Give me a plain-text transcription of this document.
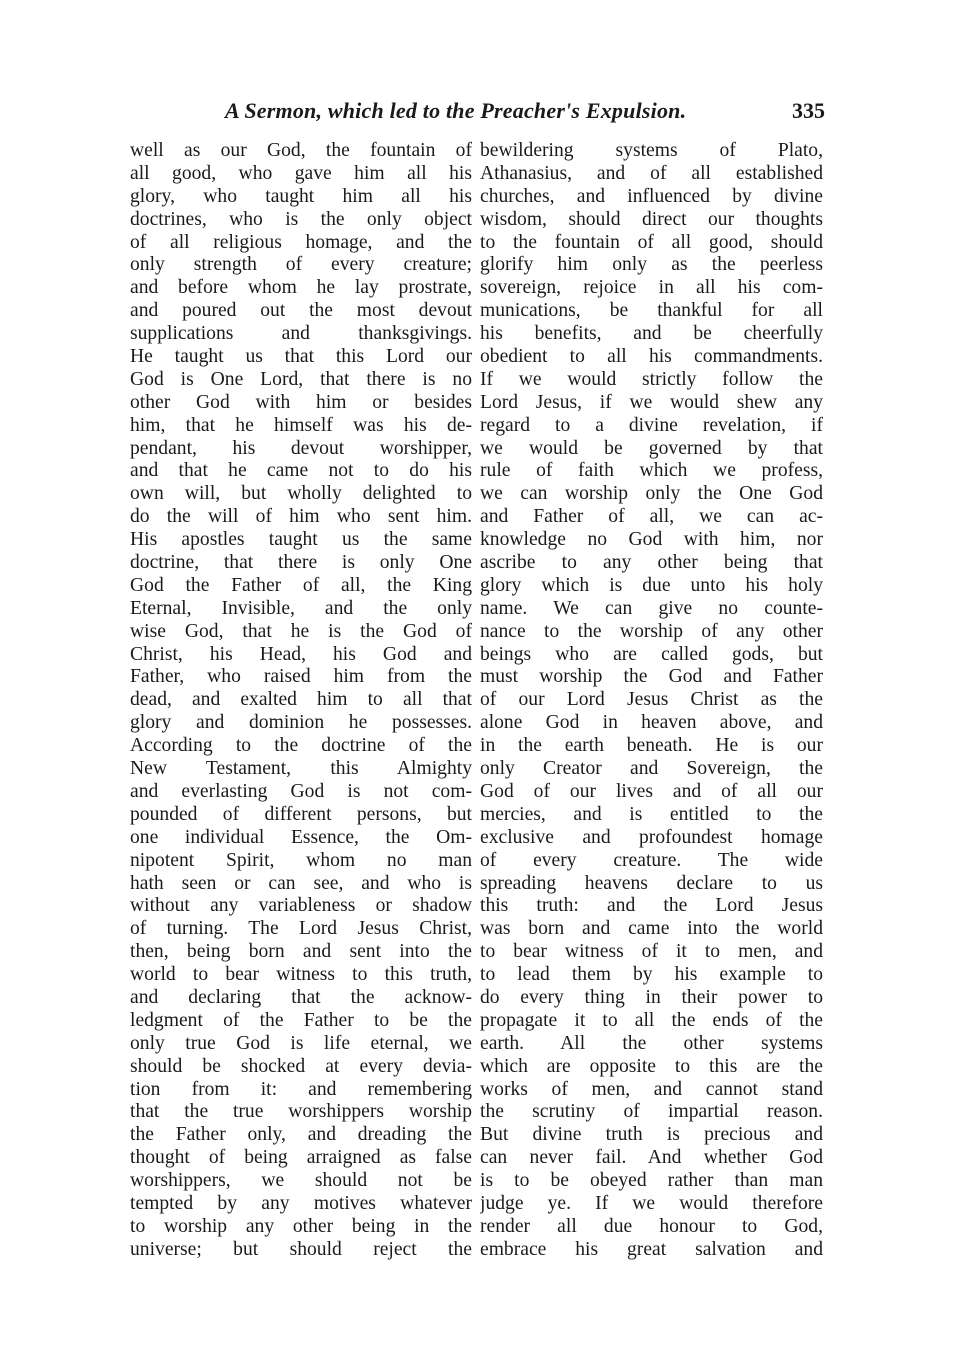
A Sermon, which led to the Preacher's Expulsion.	335
well as our God, the fountain of
all good, who gave him all his
glory, who taught him all his
doctrines, who is the only object
of all religious homage, and the
only strength of every creature;
and before whom he lay prostrate,
and poured out the most devout
supplications and thanksgivings.
He taught us that this Lord our
God is One Lord, that there is no
other God with him or besides
him, that he himself was his de-
pendant, his devout worshipper,
and that he came not to do his
own will, but wholly delighted to
do the will of him who sent him.
His apostles taught us the same
doctrine, that there is only One
God the Father of all, the King
Eternal, Invisible, and the only
wise God, that he is the God of
Christ, his Head, his God and
Father, who raised him from the
dead, and exalted him to all that
glory and dominion he possesses.
According to the doctrine of the
New Testament, this Almighty
and everlasting God is not com-
pounded of different persons, but
one individual Essence, the Om-
nipotent Spirit, whom no man
hath seen or can see, and who is
without any variableness or shadow
of turning. The Lord Jesus Christ,
then, being born and sent into the
world to bear witness to this truth,
and declaring that the acknow-
ledgment of the Father to be the
only true God is life eternal, we
should be shocked at every devia-
tion from it: and remembering
that the true worshippers worship
the Father only, and dreading the
thought of being arraigned as false
worshippers, we should not be
tempted by any motives whatever
to worship any other being in the
universe; but should reject the
bewildering systems of Plato,
Athanasius, and of all established
churches, and influenced by divine
wisdom, should direct our thoughts
to the fountain of all good, should
glorify him only as the peerless
sovereign, rejoice in all his com-
munications, be thankful for all
his benefits, and be cheerfully
obedient to all his commandments.
If we would strictly follow the
Lord Jesus, if we would shew any
regard to a divine revelation, if
we would be governed by that
rule of faith which we profess,
we can worship only the One God
and Father of all, we can ac-
knowledge no God with him, nor
ascribe to any other being that
glory which is due unto his holy
name. We can give no counte-
nance to the worship of any other
beings who are called gods, but
must worship the God and Father
of our Lord Jesus Christ as the
alone God in heaven above, and
in the earth beneath. He is our
only Creator and Sovereign, the
God of our lives and of all our
mercies, and is entitled to the
exclusive and profoundest homage
of every creature. The wide
spreading heavens declare to us
this truth: and the Lord Jesus
was born and came into the world
to bear witness of it to men, and
to lead them by his example to
do every thing in their power to
propagate it to all the ends of the
earth. All the other systems
which are opposite to this are the
works of men, and cannot stand
the scrutiny of impartial reason.
But divine truth is precious and
can never fail. And whether God
is to be obeyed rather than man
judge ye. If we would therefore
render all due honour to God,
embrace his great salvation and
